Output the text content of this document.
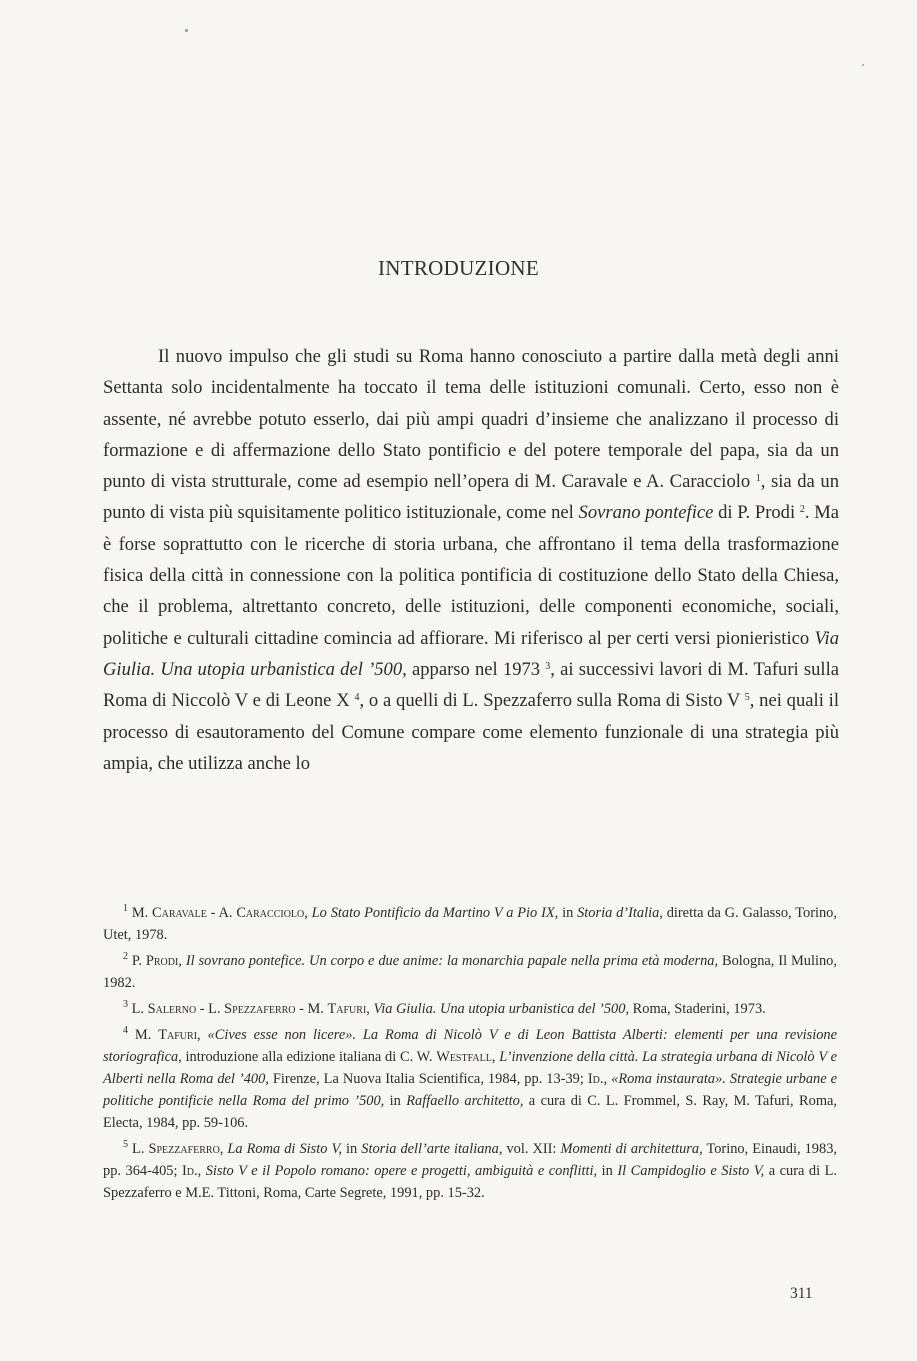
INTRODUZIONE

Il nuovo impulso che gli studi su Roma hanno conosciuto a partire dalla metà degli anni Settanta solo incidentalmente ha toccato il tema delle istituzioni comunali. Certo, esso non è assente, né avrebbe potuto esserlo, dai più ampi quadri d’insieme che analizzano il processo di formazione e di affermazione dello Stato pontificio e del potere temporale del papa, sia da un punto di vista strutturale, come ad esempio nell’opera di M. Caravale e A. Caracciolo $^1$, sia da un punto di vista più squisitamente politico istituzionale, come nel Sovrano pontefice di P. Prodi $^2$. Ma è forse soprattutto con le ricerche di storia urbana, che affrontano il tema della trasformazione fisica della città in connessione con la politica pontificia di costituzione dello Stato della Chiesa, che il problema, altrettanto concreto, delle istituzioni, delle componenti economiche, sociali, politiche e culturali cittadine comincia ad affiorare. Mi riferisco al per certi versi pionieristico Via Giulia. Una utopia urbanistica del ’500, apparso nel 1973 $^3$, ai successivi lavori di M. Tafuri sulla Roma di Niccolò V e di Leone X $^4$, o a quelli di L. Spezzaferro sulla Roma di Sisto V $^5$, nei quali il processo di esautoramento del Comune compare come elemento funzionale di una strategia più ampia, che utilizza anche lo

$^1$ M. Caravale - A. Caracciolo, Lo Stato Pontificio da Martino V a Pio IX, in Storia d’Italia, diretta da G. Galasso, Torino, Utet, 1978.

$^2$ P. Prodi, Il sovrano pontefice. Un corpo e due anime: la monarchia papale nella prima età moderna, Bologna, Il Mulino, 1982.

$^3$ L. Salerno - L. Spezzaferro - M. Tafuri, Via Giulia. Una utopia urbanistica del ’500, Roma, Staderini, 1973.

$^4$ M. Tafuri, «Cives esse non licere». La Roma di Nicolò V e di Leon Battista Alberti: elementi per una revisione storiografica, introduzione alla edizione italiana di C. W. Westfall, L’invenzione della città. La strategia urbana di Nicolò V e Alberti nella Roma del ’400, Firenze, La Nuova Italia Scientifica, 1984, pp. 13-39; Id., «Roma instaurata». Strategie urbane e politiche pontificie nella Roma del primo ’500, in Raffaello architetto, a cura di C. L. Frommel, S. Ray, M. Tafuri, Roma, Electa, 1984, pp. 59-106.

$^5$ L. Spezzaferro, La Roma di Sisto V, in Storia dell’arte italiana, vol. XII: Momenti di architettura, Torino, Einaudi, 1983, pp. 364-405; Id., Sisto V e il Popolo romano: opere e progetti, ambiguità e conflitti, in Il Campidoglio e Sisto V, a cura di L. Spezzaferro e M.E. Tittoni, Roma, Carte Segrete, 1991, pp. 15-32.

311
